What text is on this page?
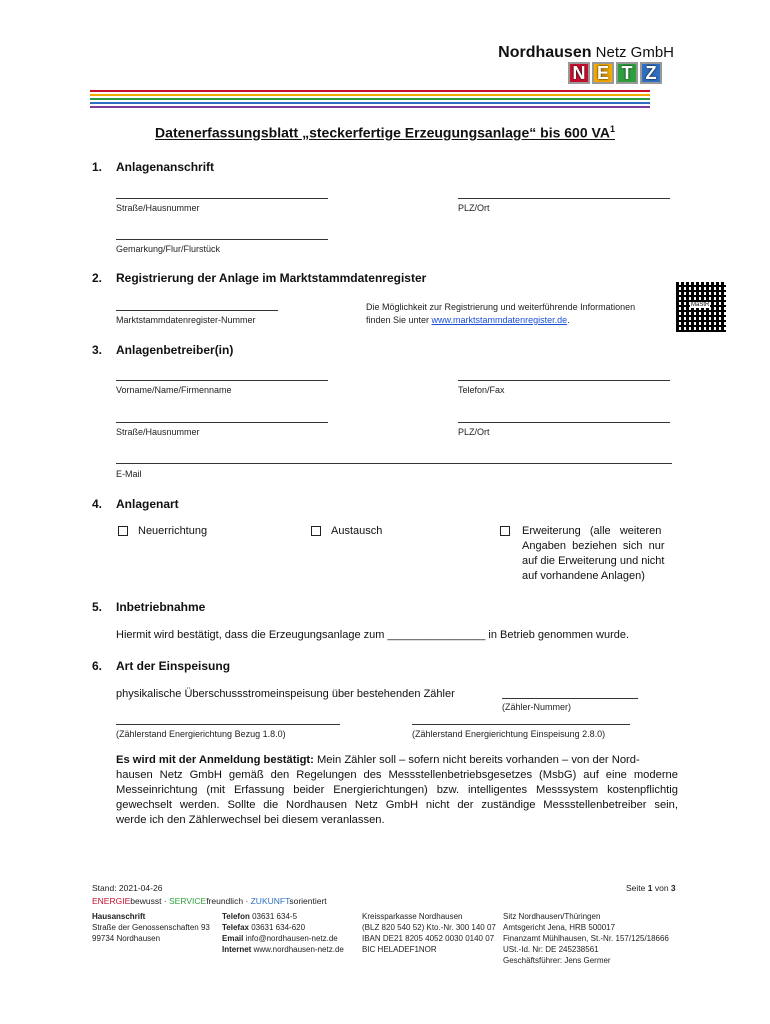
Nordhausen Netz GmbH
N E T Z
Datenerfassungsblatt „steckerfertige Erzeugungsanlage“ bis 600 $VA^1$
1. Anlagenanschrift
Straße/Hausnummer	PLZ/Ort
Gemarkung/Flur/Flurstück
2. Registrierung der Anlage im Marktstammdatenregister
Marktstammdatenregister-Nummer
Die Möglichkeit zur Registrierung und weiterführende Informationen
finden Sie unter www.marktstammdatenregister.de.
MaStR
3. Anlagenbetreiber(in)
Vorname/Name/Firmenname	Telefon/Fax
Straße/Hausnummer	PLZ/Ort
E-Mail
4. Anlagenart
Neuerrichtung	Austausch	Erweiterung   (alle   weiteren
Angaben  beziehen  sich  nur
auf die Erweiterung und nicht
auf vorhandene Anlagen)
5. Inbetriebnahme
Hiermit wird bestätigt, dass die Erzeugungsanlage zum ________________ in Betrieb genommen wurde.
6. Art der Einspeisung
physikalische Überschussstromeinspeisung über bestehenden Zähler
(Zähler-Nummer)
(Zählerstand Energierichtung Bezug 1.8.0)	(Zählerstand Energierichtung Einspeisung 2.8.0)
Es wird mit der Anmeldung bestätigt: Mein Zähler soll – sofern nicht bereits vorhanden – von der Nord-
hausen Netz GmbH gemäß den Regelungen des Messstellenbetriebsgesetzes (MsbG) auf eine moderne
Messeinrichtung (mit Erfassung beider Energierichtungen) bzw. intelligentes Messsystem kostenpflichtig
gewechselt werden. Sollte die Nordhausen Netz GmbH nicht der zuständige Messstellenbetreiber sein,
werde ich den Zählerwechsel bei diesem veranlassen.
Stand: 2021-04-26	Seite 1 von 3
ENERGIEbewusst · SERVICEfreundlich · ZUKUNFTsorientiert
Hausanschrift
Straße der Genossenschaften 93
99734 Nordhausen
Telefon 03631 634-5
Telefax 03631 634-620
Email info@nordhausen-netz.de
Internet www.nordhausen-netz.de
Kreissparkasse Nordhausen
(BLZ 820 540 52) Kto.-Nr. 300 140 07
IBAN DE21 8205 4052 0030 0140 07
BIC HELADEF1NOR
Sitz Nordhausen/Thüringen
Amtsgericht Jena, HRB 500017
Finanzamt Mühlhausen, St.-Nr. 157/125/18666
USt.-Id. Nr: DE 245238561
Geschäftsführer: Jens Germer
